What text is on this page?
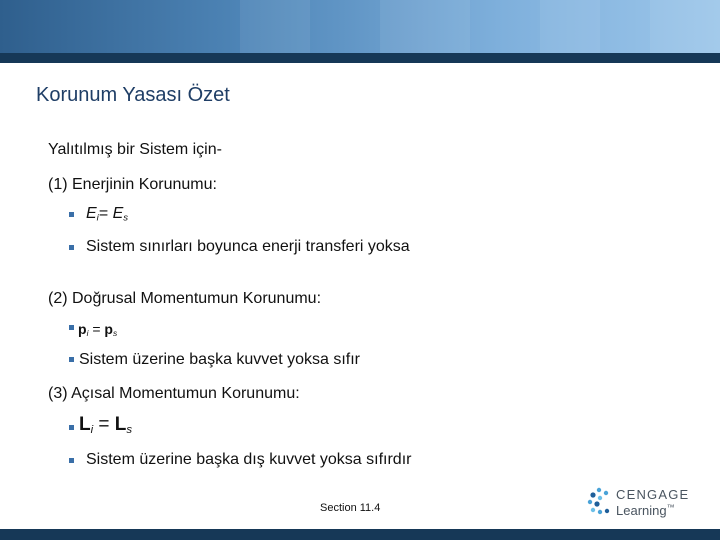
Korunum Yasası Özet
Yalıtılmış bir Sistem için-
(1) Enerjinin Korunumu:
$E_i= E_s$
Sistem sınırları boyunca enerji transferi yoksa
(2) Doğrusal Momentumun Korunumu:
$p_i = p_s$
Sistem üzerine başka kuvvet yoksa sıfır
(3) Açısal Momentumun Korunumu:
$L_i = L_s$
Sistem üzerine başka dış kuvvet yoksa sıfırdır
Section 11.4
CENGAGE
Learning™
